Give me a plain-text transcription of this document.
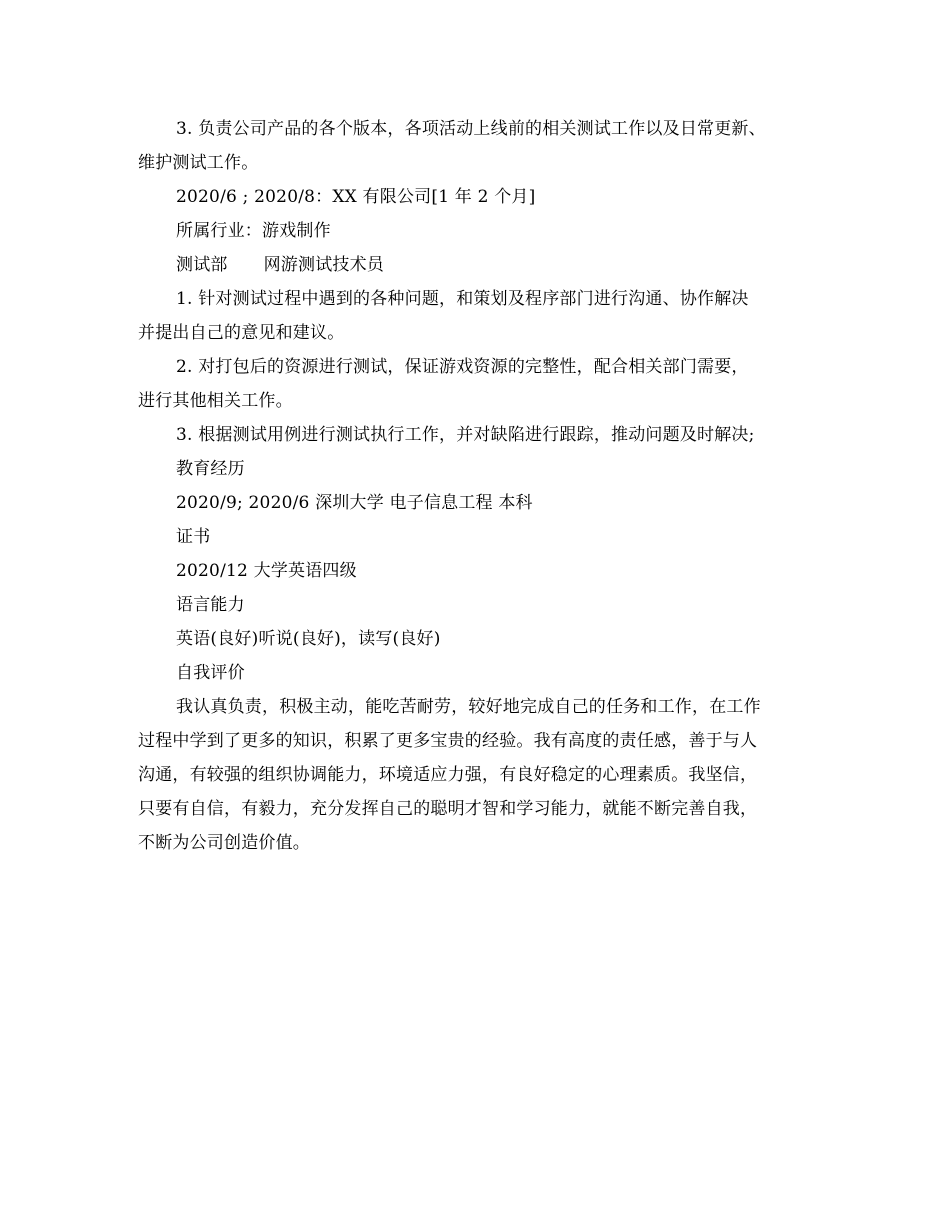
3. 负责公司产品的各个版本，各项活动上线前的相关测试工作以及日常更新、
维护测试工作。
2020/6 ; 2020/8：XX 有限公司[1 年 2 个月]
所属行业：游戏制作
测试部 网游测试技术员
1. 针对测试过程中遇到的各种问题，和策划及程序部门进行沟通、协作解决
并提出自己的意见和建议。
2. 对打包后的资源进行测试，保证游戏资源的完整性，配合相关部门需要，
进行其他相关工作。
3. 根据测试用例进行测试执行工作，并对缺陷进行跟踪，推动问题及时解决;
教育经历
2020/9; 2020/6 深圳大学 电子信息工程 本科
证书
2020/12 大学英语四级
语言能力
英语(良好)听说(良好)，读写(良好)
自我评价
我认真负责，积极主动，能吃苦耐劳，较好地完成自己的任务和工作，在工作
过程中学到了更多的知识，积累了更多宝贵的经验。我有高度的责任感，善于与人
沟通，有较强的组织协调能力，环境适应力强，有良好稳定的心理素质。我坚信，
只要有自信，有毅力，充分发挥自己的聪明才智和学习能力，就能不断完善自我，
不断为公司创造价值。
